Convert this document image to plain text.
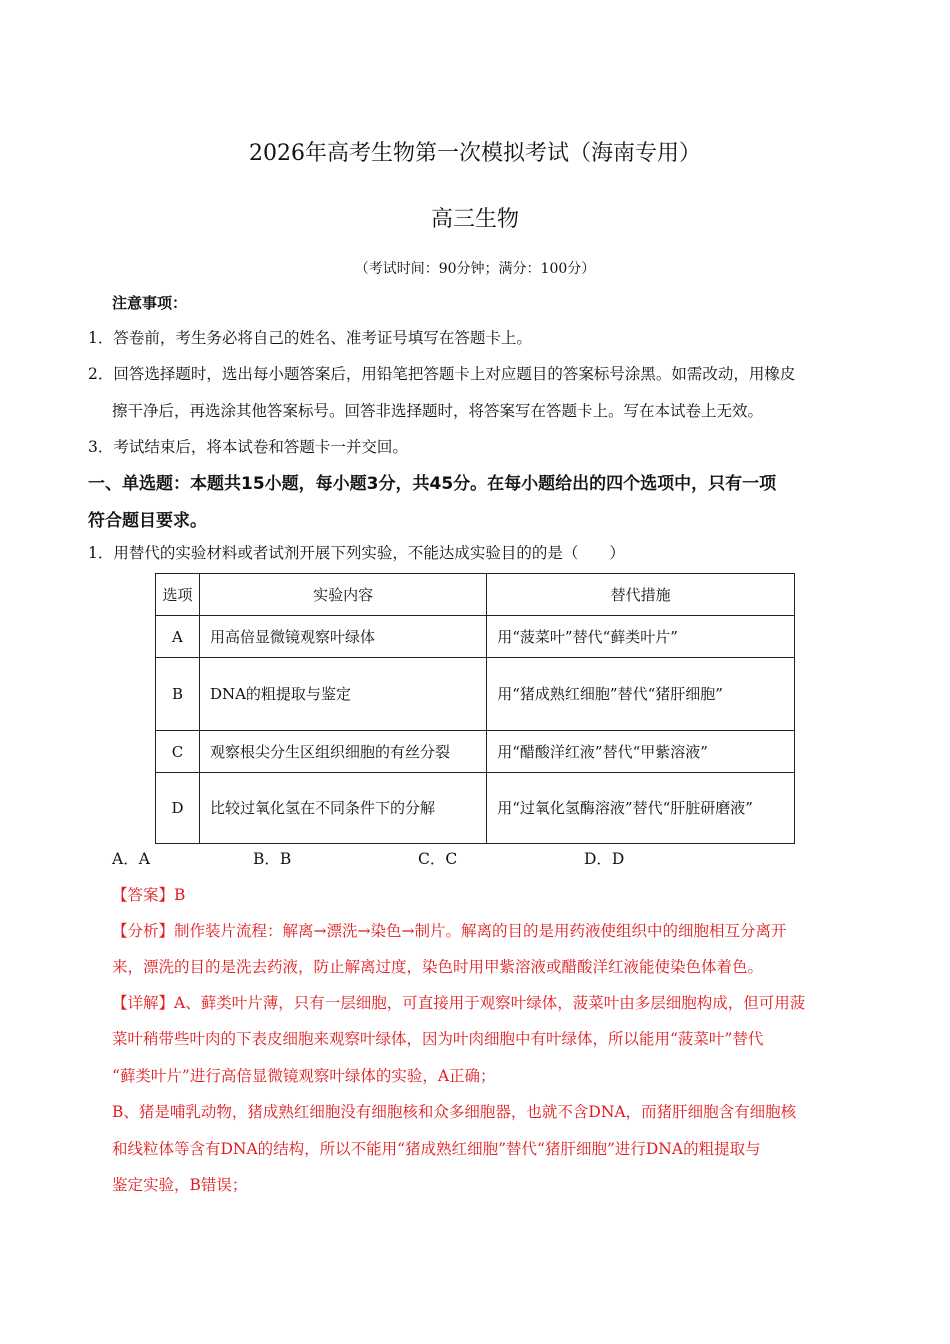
2026年高考生物第一次模拟考试（海南专用）
高三生物
（考试时间：90分钟；满分：100分）
注意事项：
1．答卷前，考生务必将自己的姓名、准考证号填写在答题卡上。
2．回答选择题时，选出每小题答案后，用铅笔把答题卡上对应题目的答案标号涂黑。如需改动，用橡皮
擦干净后，再选涂其他答案标号。回答非选择题时，将答案写在答题卡上。写在本试卷上无效。
3．考试结束后，将本试卷和答题卡一并交回。
一、单选题：本题共15小题，每小题3分，共45分。在每小题给出的四个选项中，只有一项
符合题目要求。
1．用替代的实验材料或者试剂开展下列实验，不能达成实验目的的是（　　）
选项	实验内容	替代措施
A	用高倍显微镜观察叶绿体	用“菠菜叶”替代“藓类叶片”
B	DNA的粗提取与鉴定	用“猪成熟红细胞”替代“猪肝细胞”
C	观察根尖分生区组织细胞的有丝分裂	用“醋酸洋红液”替代“甲紫溶液”
D	比较过氧化氢在不同条件下的分解	用“过氧化氢酶溶液”替代“肝脏研磨液”
A．A	B．B	C．C	D．D
【答案】B
【分析】制作装片流程：解离→漂洗→染色→制片。解离的目的是用药液使组织中的细胞相互分离开
来，漂洗的目的是洗去药液，防止解离过度，染色时用甲紫溶液或醋酸洋红液能使染色体着色。
【详解】A、藓类叶片薄，只有一层细胞，可直接用于观察叶绿体，菠菜叶由多层细胞构成，但可用菠
菜叶稍带些叶肉的下表皮细胞来观察叶绿体，因为叶肉细胞中有叶绿体，所以能用“菠菜叶”替代
“藓类叶片”进行高倍显微镜观察叶绿体的实验，A正确；
B、猪是哺乳动物，猪成熟红细胞没有细胞核和众多细胞器，也就不含DNA，而猪肝细胞含有细胞核
和线粒体等含有DNA的结构，所以不能用“猪成熟红细胞”替代“猪肝细胞”进行DNA的粗提取与
鉴定实验，B错误；
